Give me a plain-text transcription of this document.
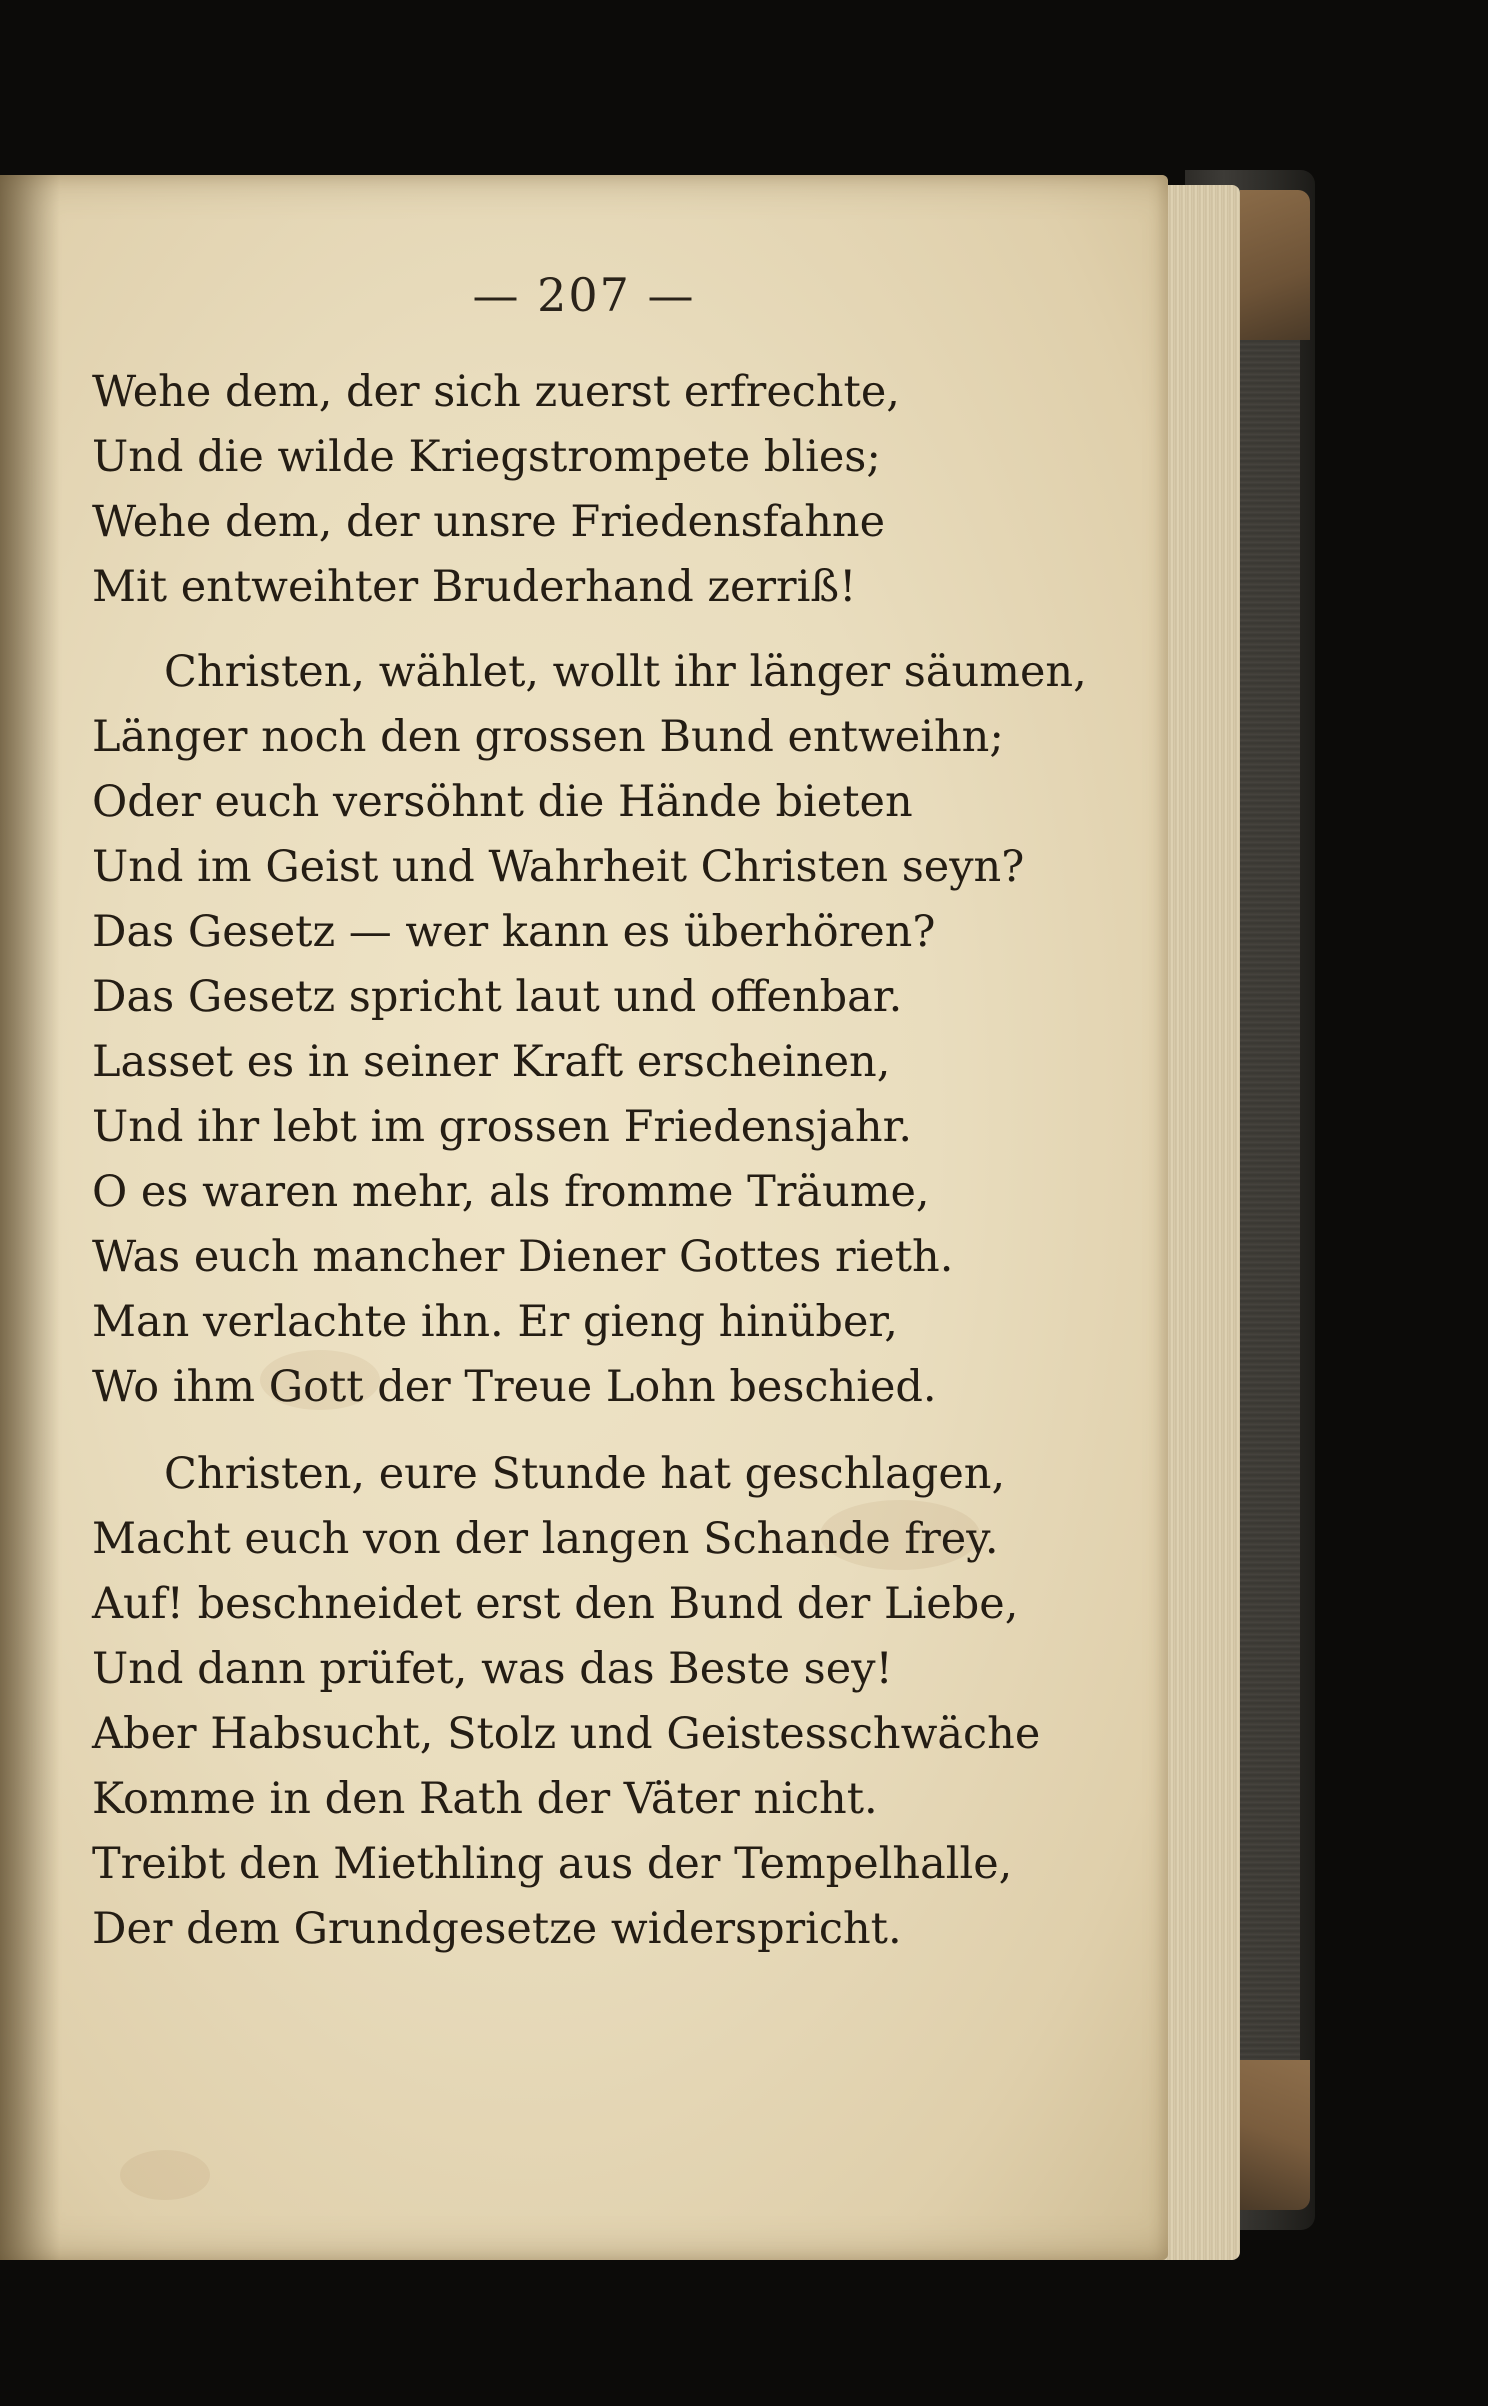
— 207 —
Wehe dem, der sich zuerst erfrechte,
Und die wilde Kriegstrompete blies;
Wehe dem, der unsre Friedensfahne
Mit entweihter Bruderhand zerriß!
Christen, wählet, wollt ihr länger säumen,
Länger noch den grossen Bund entweihn;
Oder euch versöhnt die Hände bieten
Und im Geist und Wahrheit Christen seyn?
Das Gesetz — wer kann es überhören?
Das Gesetz spricht laut und offenbar.
Lasset es in seiner Kraft erscheinen,
Und ihr lebt im grossen Friedensjahr.
O es waren mehr, als fromme Träume,
Was euch mancher Diener Gottes rieth.
Man verlachte ihn. Er gieng hinüber,
Wo ihm Gott der Treue Lohn beschied.
Christen, eure Stunde hat geschlagen,
Macht euch von der langen Schande frey.
Auf! beschneidet erst den Bund der Liebe,
Und dann prüfet, was das Beste sey!
Aber Habsucht, Stolz und Geistesschwäche
Komme in den Rath der Väter nicht.
Treibt den Miethling aus der Tempelhalle,
Der dem Grundgesetze widerspricht.
